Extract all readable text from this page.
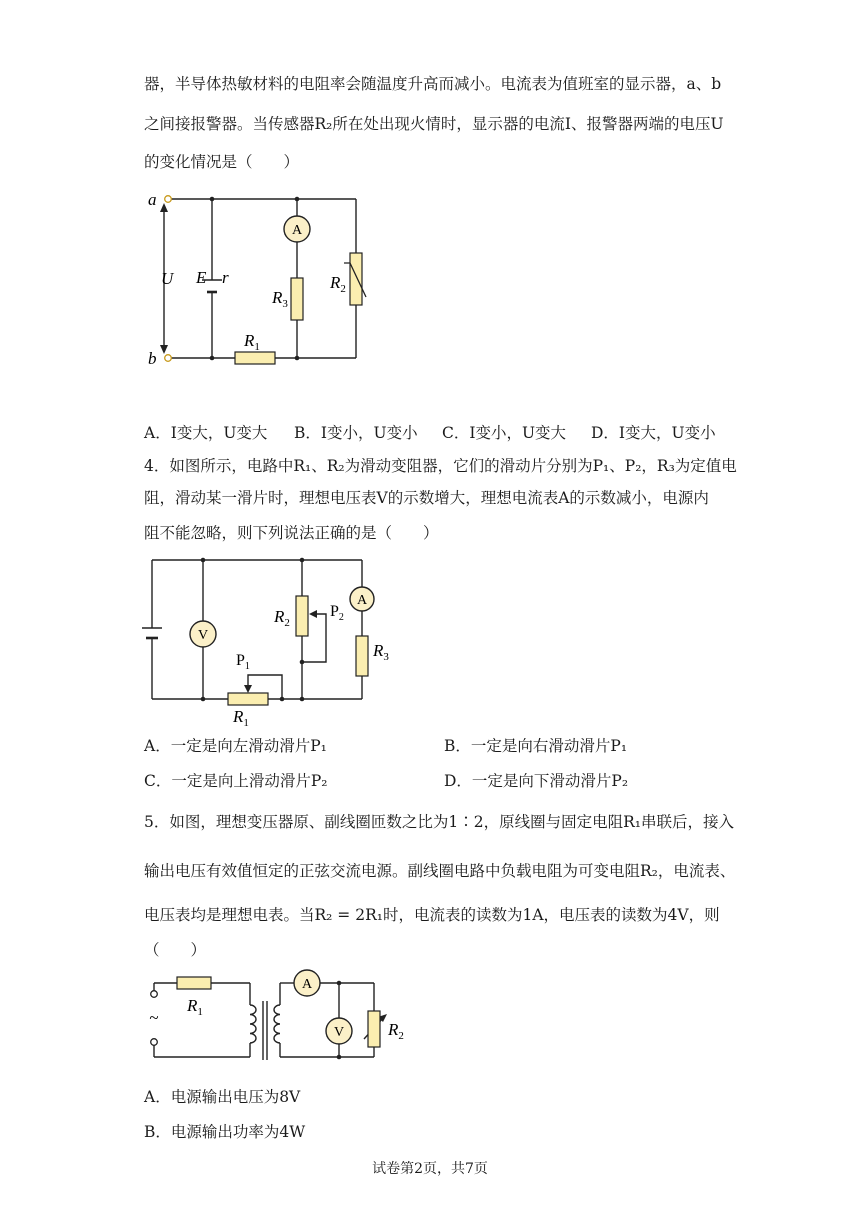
器，半导体热敏材料的电阻率会随温度升高而减小。电流表为值班室的显示器，a、b
之间接报警器。当传感器R₂所在处出现火情时，显示器的电流I、报警器两端的电压U
的变化情况是（　　）
A
a
b
U E r
$R_3$
$R_2$
$R_1$
A．I变大，U变大 B．I变小，U变小 C．I变小，U变大 D．I变大，U变小
4．如图所示，电路中R₁、R₂为滑动变阻器，它们的滑动片分别为P₁、P₂，R₃为定值电
阻，滑动某一滑片时，理想电压表V的示数增大，理想电流表A的示数减小，电源内
阻不能忽略，则下列说法正确的是（　　）
V
A
$P_1$
$P_2$
$R_2$
$R_3$
$R_1$
A．一定是向左滑动滑片P₁	B．一定是向右滑动滑片P₁
C．一定是向上滑动滑片P₂	D．一定是向下滑动滑片P₂
5．如图，理想变压器原、副线圈匝数之比为1∶2，原线圈与固定电阻R₁串联后，接入
输出电压有效值恒定的正弦交流电源。副线圈电路中负载电阻为可变电阻R₂，电流表、
电压表均是理想电表。当R₂ = 2R₁时，电流表的读数为1A，电压表的读数为4V，则
（　　）
~
A
V
$R_1$
$R_2$
A．电源输出电压为8V
B．电源输出功率为4W
试卷第2页，共7页
